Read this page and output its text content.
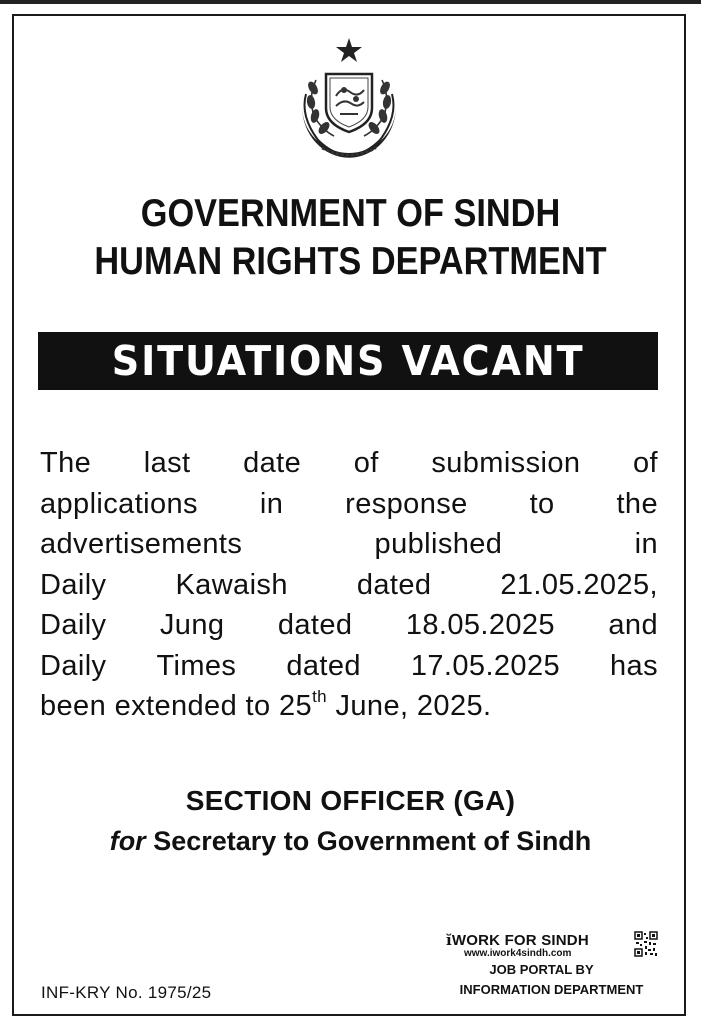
GOVERNMENT OF SINDH
HUMAN RIGHTS DEPARTMENT
SITUATIONS VACANT
The last date of submission of
applications in response to the
advertisements	published	in
Daily Kawaish dated 21.05.2025,
Daily Jung dated 18.05.2025 and
Daily Times dated 17.05.2025 has
been extended to 25th June, 2025.
SECTION OFFICER (GA)
for Secretary to Government of Sindh
INF-KRY No. 1975/25
ĭWORK FOR SINDH
www.iwork4sindh.com
JOB PORTAL BY
INFORMATION DEPARTMENT
